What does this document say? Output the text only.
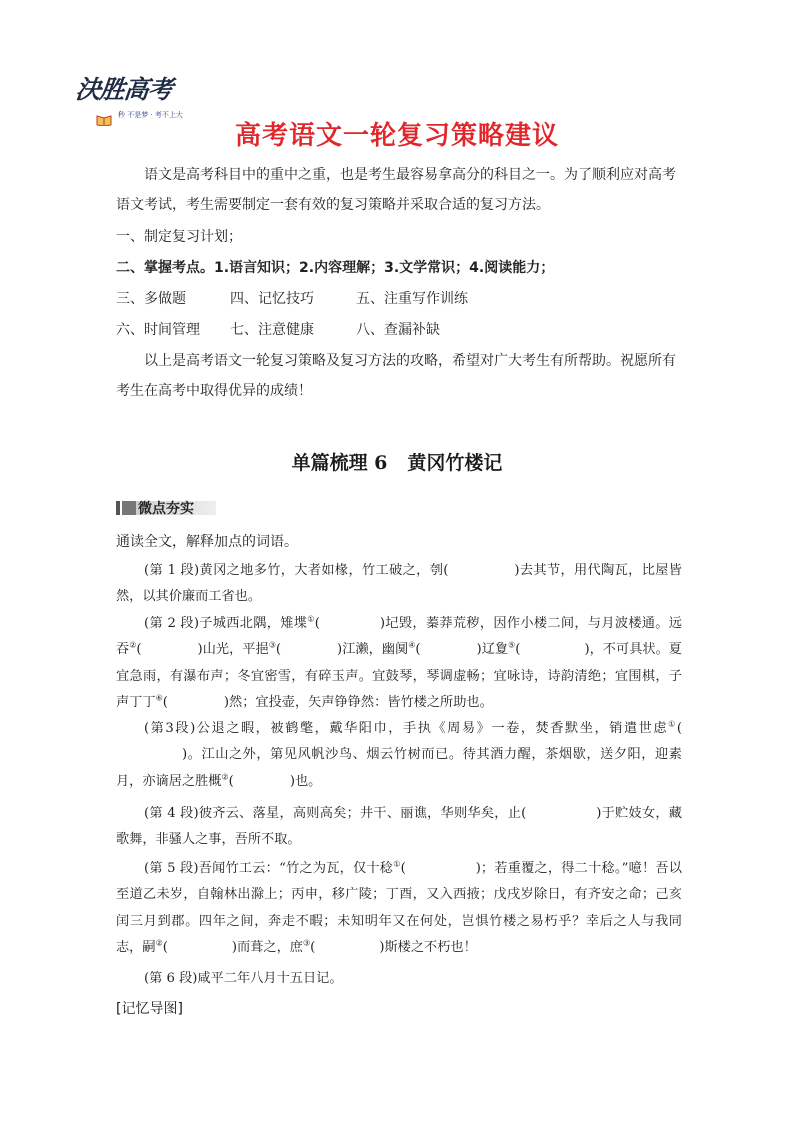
決胜高考
秒 不是梦 · 考不上大
高考语文一轮复习策略建议

语文是高考科目中的重中之重，也是考生最容易拿高分的科目之一。为了顺利应对高考语文考试，考生需要制定一套有效的复习策略并采取合适的复习方法。

一、制定复习计划；

二、掌握考点。1.语言知识；2.内容理解；3.文学常识；4.阅读能力；

三、多做题	四、记忆技巧	五、注重写作训练

六、时间管理 七、注意健康	八、查漏补缺

以上是高考语文一轮复习策略及复习方法的攻略，希望对广大考生有所帮助。祝愿所有考生在高考中取得优异的成绩！

单篇梳理 6 黄冈竹楼记
微点夯实

通读全文，解释加点的词语。

(第 1 段)黄冈之地多竹，大者如椽，竹工破之，刳(	)去其节，用代陶瓦，比屋皆然，以其价廉而工省也。

(第 2 段)子城西北隅，雉堞①(	)圮毁，蓁莽荒秽，因作小楼二间，与月波楼通。远吞②(	)山光，平挹③(	)江濑，幽阒④(	)辽夐⑤(	)，不可具状。夏宜急雨，有瀑布声；冬宜密雪，有碎玉声。宜鼓琴，琴调虚畅；宜咏诗，诗韵清绝；宜围棋，子声丁丁⑥(	)然；宜投壶，矢声铮铮然：皆竹楼之所助也。

(第3段)公退之暇，被鹤氅，戴华阳巾，手执《周易》一卷，焚香默坐，销遣世虑①()。江山之外，第见风帆沙鸟、烟云竹树而已。待其酒力醒，茶烟歇，送夕阳，迎素月，亦谪居之胜概②(	)也。

(第 4 段)彼齐云、落星，高则高矣；井干、丽谯，华则华矣，止(	)于贮妓女，藏歌舞，非骚人之事，吾所不取。

(第 5 段)吾闻竹工云：“竹之为瓦，仅十稔①(	)；若重覆之，得二十稔。”噫！吾以至道乙未岁，自翰林出滁上；丙申，移广陵；丁酉，又入西掖；戊戌岁除日，有齐安之命；己亥闰三月到郡。四年之间，奔走不暇；未知明年又在何处，岂惧竹楼之易朽乎？幸后之人与我同志，嗣②(	)而葺之，庶③(	)斯楼之不朽也！

(第 6 段)咸平二年八月十五日记。

[记忆导图]
